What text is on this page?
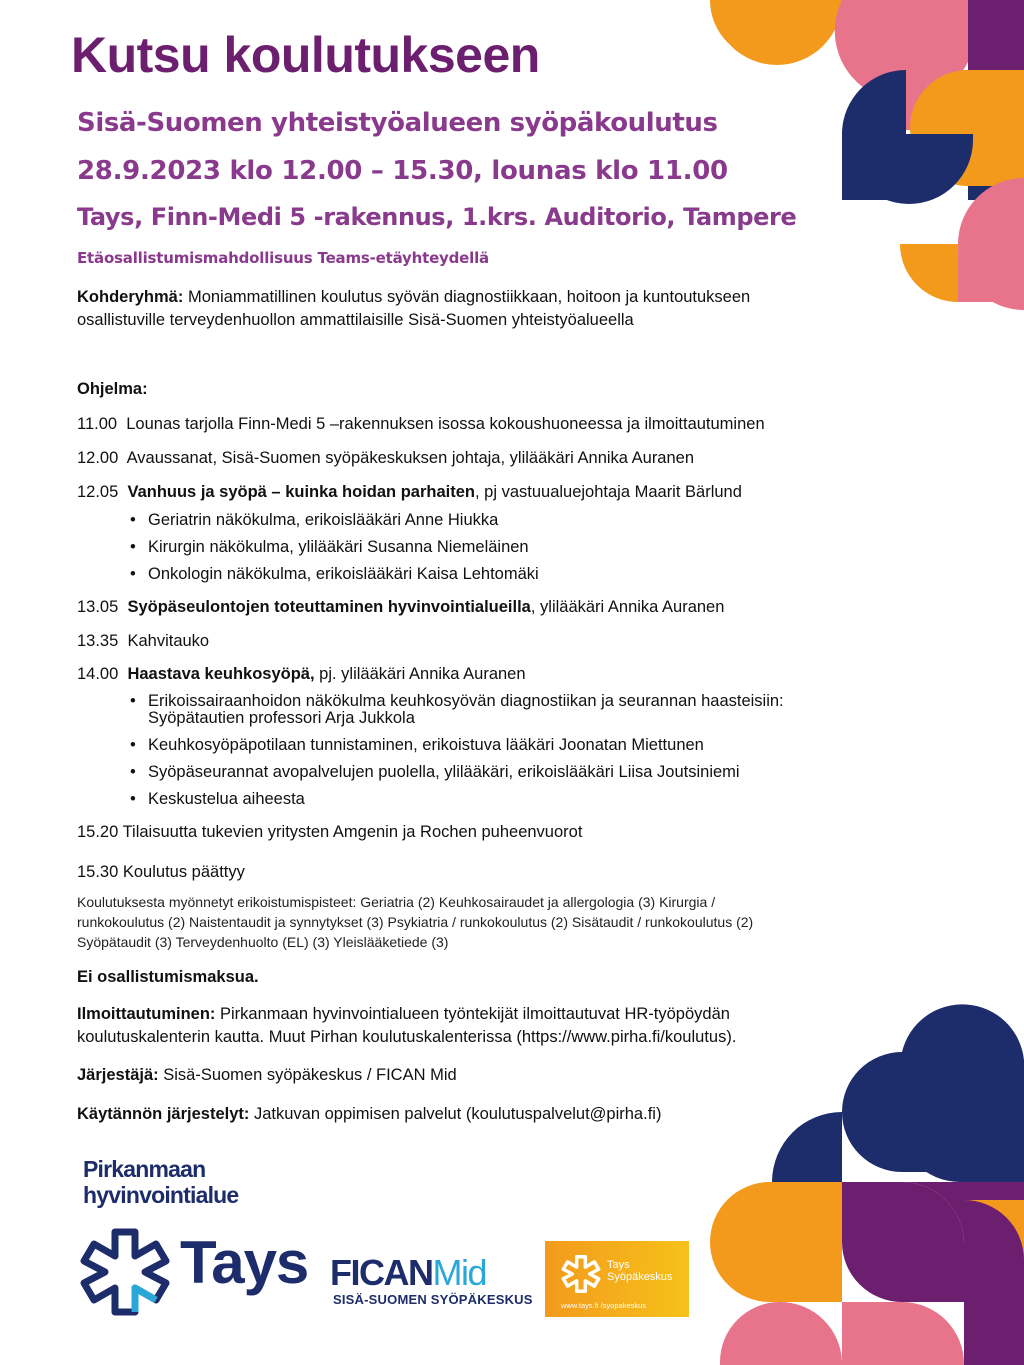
Kutsu koulutukseen
Sisä-Suomen yhteistyöalueen syöpäkoulutus
28.9.2023 klo 12.00 – 15.30, lounas klo 11.00
Tays, Finn-Medi 5 -rakennus, 1.krs. Auditorio, Tampere
Etäosallistumismahdollisuus Teams-etäyhteydellä
Kohderyhmä: Moniammatillinen koulutus syövän diagnostiikkaan, hoitoon ja kuntoutukseen
osallistuville terveydenhuollon ammattilaisille Sisä-Suomen yhteistyöalueella
Ohjelma:
11.00 Lounas tarjolla Finn-Medi 5 –rakennuksen isossa kokoushuoneessa ja ilmoittautuminen
12.00 Avaussanat, Sisä-Suomen syöpäkeskuksen johtaja, ylilääkäri Annika Auranen
12.05 Vanhuus ja syöpä – kuinka hoidan parhaiten, pj vastuualuejohtaja Maarit Bärlund
• Geriatrin näkökulma, erikoislääkäri Anne Hiukka
• Kirurgin näkökulma, ylilääkäri Susanna Niemeläinen
• Onkologin näkökulma, erikoislääkäri Kaisa Lehtomäki
13.05 Syöpäseulontojen toteuttaminen hyvinvointialueilla, ylilääkäri Annika Auranen
13.35 Kahvitauko
14.00 Haastava keuhkosyöpä, pj. ylilääkäri Annika Auranen
• Erikoissairaanhoidon näkökulma keuhkosyövän diagnostiikan ja seurannan haasteisiin:
Syöpätautien professori Arja Jukkola
• Keuhkosyöpäpotilaan tunnistaminen, erikoistuva lääkäri Joonatan Miettunen
• Syöpäseurannat avopalvelujen puolella, ylilääkäri, erikoislääkäri Liisa Joutsiniemi
• Keskustelua aiheesta
15.20 Tilaisuutta tukevien yritysten Amgenin ja Rochen puheenvuorot
15.30 Koulutus päättyy
Koulutuksesta myönnetyt erikoistumispisteet: Geriatria (2) Keuhkosairaudet ja allergologia (3) Kirurgia /
runkokoulutus (2) Naistentaudit ja synnytykset (3) Psykiatria / runkokoulutus (2) Sisätaudit / runkokoulutus (2)
Syöpätaudit (3) Terveydenhuolto (EL) (3) Yleislääketiede (3)
Ei osallistumismaksua.
Ilmoittautuminen: Pirkanmaan hyvinvointialueen työntekijät ilmoittautuvat HR-työpöydän
koulutuskalenterin kautta. Muut Pirhan koulutuskalenterissa (https://www.pirha.fi/koulutus).
Järjestäjä: Sisä-Suomen syöpäkeskus / FICAN Mid
Käytännön järjestelyt: Jatkuvan oppimisen palvelut (koulutuspalvelut@pirha.fi)
Pirkanmaan
hyvinvointialue
Tays FICANMid
SISÄ-SUOMEN SYÖPÄKESKUS
Tays
Syöpäkeskus
www.tays.fi /syopakeskus
